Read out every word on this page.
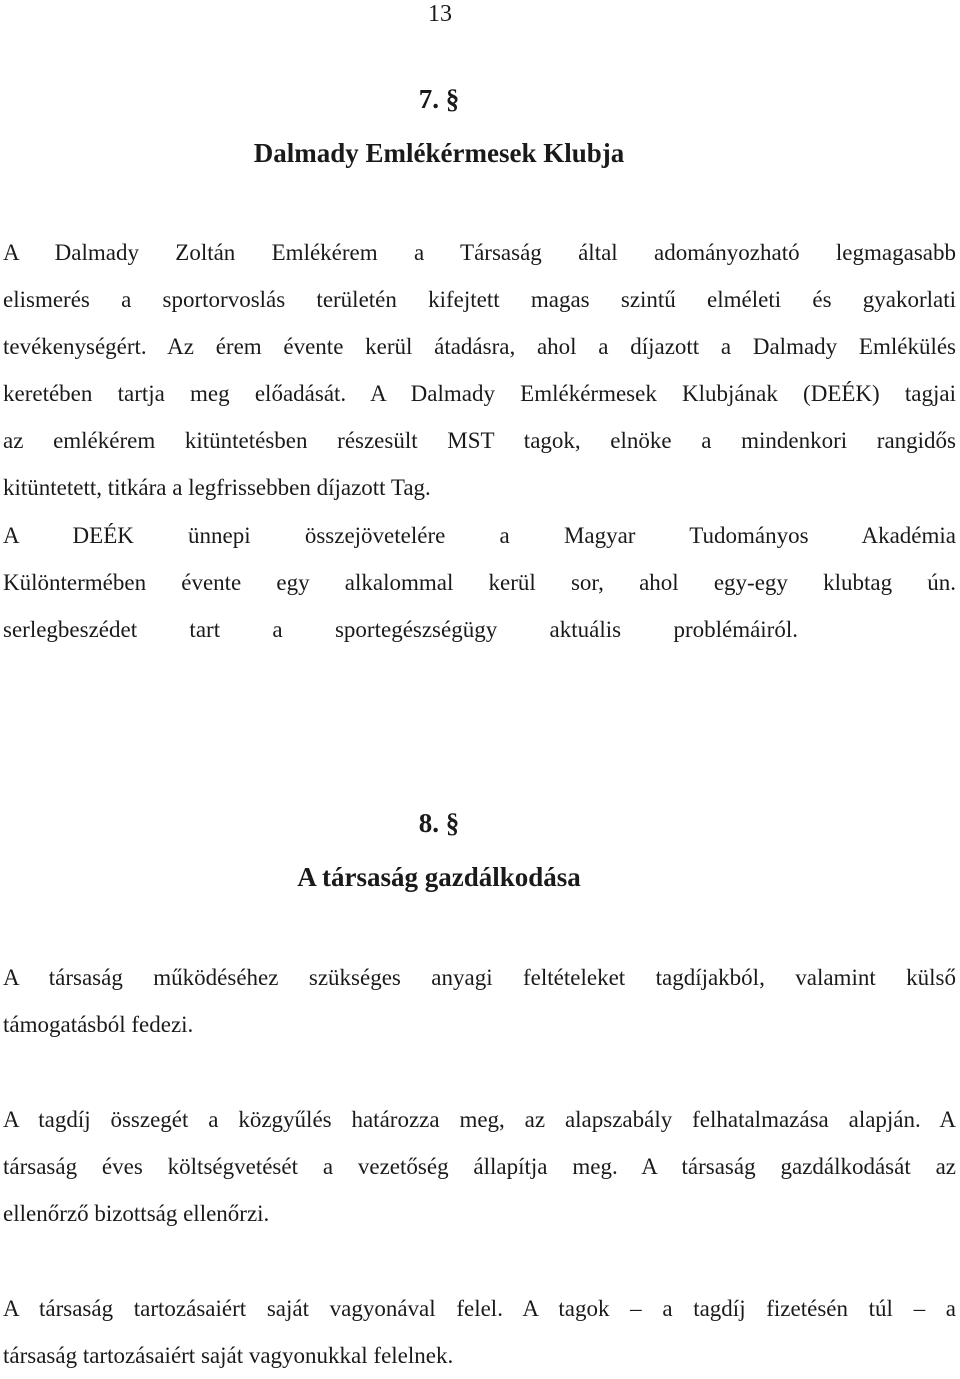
13
7. §
Dalmady Emlékérmesek Klubja
A Dalmady Zoltán Emlékérem a Társaság által adományozható legmagasabb
elismerés a sportorvoslás területén kifejtett magas szintű elméleti és gyakorlati
tevékenységért. Az érem évente kerül átadásra, ahol a díjazott a Dalmady Emlékülés
keretében tartja meg előadását. A Dalmady Emlékérmesek Klubjának (DEÉK) tagjai
az emlékérem kitüntetésben részesült MST tagok, elnöke a mindenkori rangidős
kitüntetett, titkára a legfrissebben díjazott Tag.
A DEÉK ünnepi összejövetelére a Magyar Tudományos Akadémia
Különtermében évente egy alkalommal kerül sor, ahol egy-egy klubtag ún.
serlegbeszédet tart a sportegészségügy aktuális problémáiról.
8. §
A társaság gazdálkodása
A társaság működéséhez szükséges anyagi feltételeket tagdíjakból, valamint külső
támogatásból fedezi.
A tagdíj összegét a közgyűlés határozza meg, az alapszabály felhatalmazása alapján. A
társaság éves költségvetését a vezetőség állapítja meg. A társaság gazdálkodását az
ellenőrző bizottság ellenőrzi.
A társaság tartozásaiért saját vagyonával felel. A tagok – a tagdíj fizetésén túl – a
társaság tartozásaiért saját vagyonukkal felelnek.
